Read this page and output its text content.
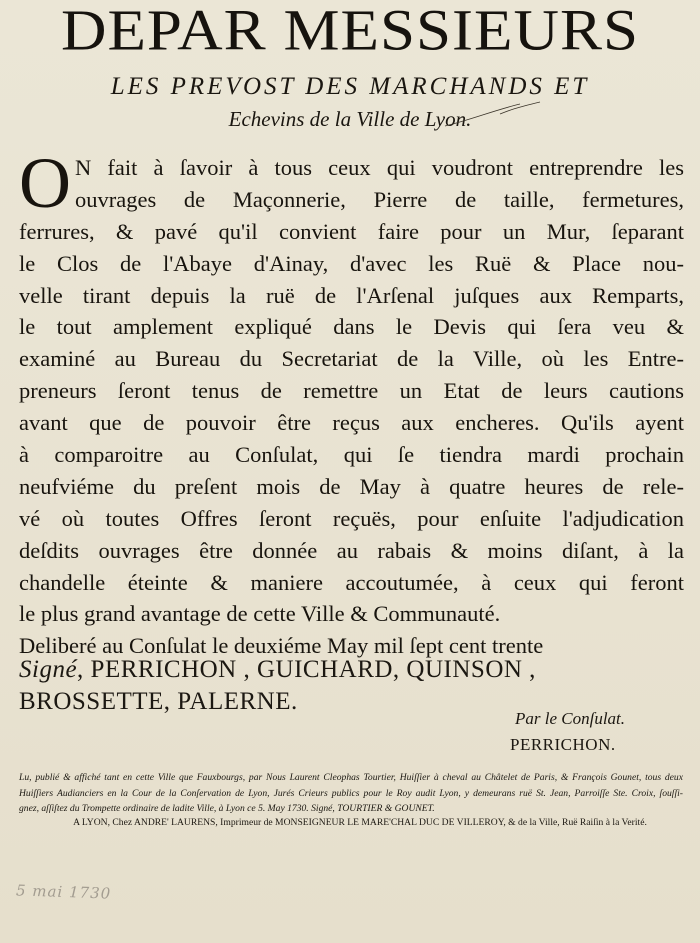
DEPAR MESSIEURS
LES PREVOST DES MARCHANDS ET
Echevins de la Ville de Lyon.
O N fait à ſavoir à tous ceux qui voudront entreprendre les
ouvrages de Maçonnerie, Pierre de taille, fermetures,
ferrures, & pavé qu'il convient faire pour un Mur, ſeparant
le Clos de l'Abaye d'Ainay, d'avec les Ruë & Place nou-
velle tirant depuis la ruë de l'Arſenal juſques aux Remparts,
le tout amplement expliqué dans le Devis qui ſera veu &
examiné au Bureau du Secretariat de la Ville, où les Entre-
preneurs ſeront tenus de remettre un Etat de leurs cautions
avant que de pouvoir être reçus aux encheres. Qu'ils ayent
à comparoitre au Conſulat, qui ſe tiendra mardi prochain
neufviéme du preſent mois de May à quatre heures de rele-
vé où toutes Offres ſeront reçuës, pour enſuite l'adjudication
deſdits ouvrages être donnée au rabais & moins diſant, à la
chandelle éteinte & maniere accoutumée, à ceux qui feront
le plus grand avantage de cette Ville & Communauté.
Deliberé au Conſulat le deuxiéme May mil ſept cent trente
Signé, PERRICHON , GUICHARD, QUINSON ,
BROSSETTE, PALERNE.
Par le Conſulat.
PERRICHON.
Lu, publié & affiché tant en cette Ville que Fauxbourgs, par Nous Laurent Cleophas Tourtier, Huiſſier à cheval au Châtelet de Paris, & François Gounet, tous deux
Huiſſiers Audianciers en la Cour de la Conſervation de Lyon, Jurés Crieurs publics pour le Roy audit Lyon, y demeurans ruë St. Jean, Parroiſſe Ste. Croix, ſouſſi-
gnez, aſſiſtez du Trompette ordinaire de ladite Ville, à Lyon ce 5. May 1730. Signé, TOURTIER & GOUNET.
A LYON, Chez ANDRE' LAURENS, Imprimeur de MONSEIGNEUR LE MARE'CHAL DUC DE VILLEROY, & de la Ville, Ruë Raiſin à la Verité.
5 mai 1730
